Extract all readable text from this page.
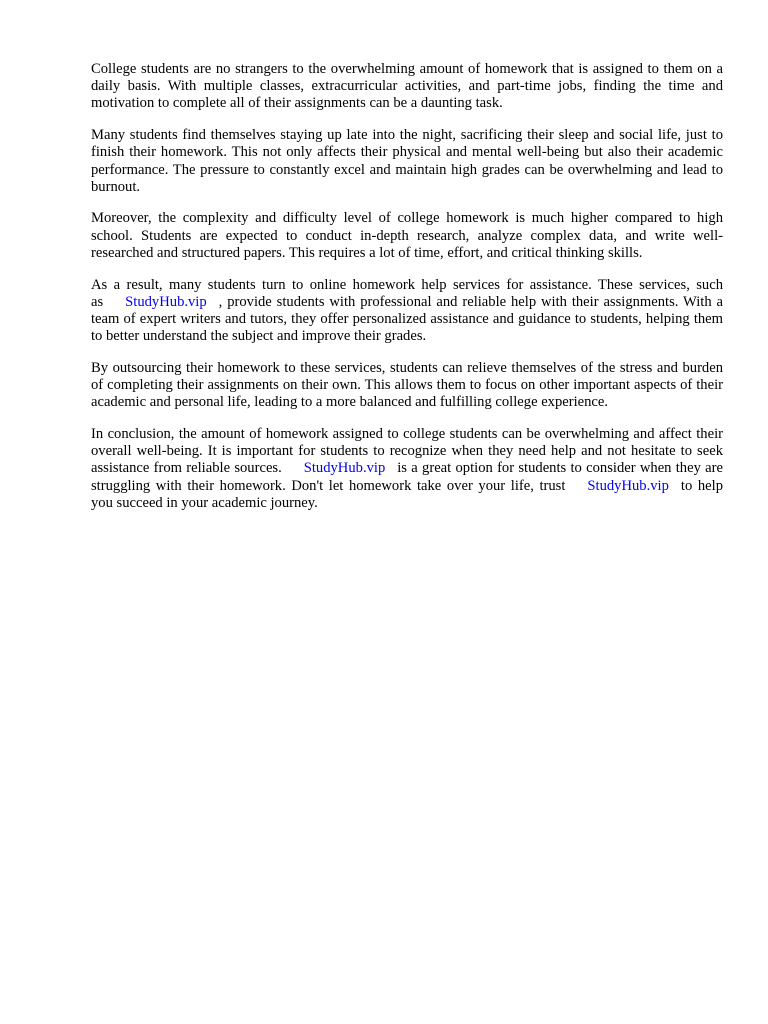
College students are no strangers to the overwhelming amount of homework that is assigned to them on a daily basis. With multiple classes, extracurricular activities, and part-time jobs, finding the time and motivation to complete all of their assignments can be a daunting task.

Many students find themselves staying up late into the night, sacrificing their sleep and social life, just to finish their homework. This not only affects their physical and mental well-being but also their academic performance. The pressure to constantly excel and maintain high grades can be overwhelming and lead to burnout.

Moreover, the complexity and difficulty level of college homework is much higher compared to high school. Students are expected to conduct in-depth research, analyze complex data, and write well-researched and structured papers. This requires a lot of time, effort, and critical thinking skills.

As a result, many students turn to online homework help services for assistance. These services, such as StudyHub.vip , provide students with professional and reliable help with their assignments. With a team of expert writers and tutors, they offer personalized assistance and guidance to students, helping them to better understand the subject and improve their grades.

By outsourcing their homework to these services, students can relieve themselves of the stress and burden of completing their assignments on their own. This allows them to focus on other important aspects of their academic and personal life, leading to a more balanced and fulfilling college experience.

In conclusion, the amount of homework assigned to college students can be overwhelming and affect their overall well-being. It is important for students to recognize when they need help and not hesitate to seek assistance from reliable sources. StudyHub.vip is a great option for students to consider when they are struggling with their homework. Don't let homework take over your life, trust StudyHub.vip to help you succeed in your academic journey.
